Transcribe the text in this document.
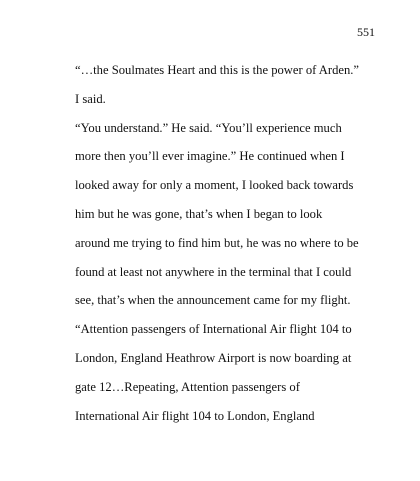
551
“…the Soulmates Heart and this is the power of Arden.”
I said.
“You understand.” He said. “You’ll experience much
more then you’ll ever imagine.” He continued when I
looked away for only a moment, I looked back towards
him but he was gone, that’s when I began to look
around me trying to find him but, he was no where to be
found at least not anywhere in the terminal that I could
see, that’s when the announcement came for my flight.
“Attention passengers of International Air flight 104 to
London, England Heathrow Airport is now boarding at
gate 12…Repeating, Attention passengers of
International Air flight 104 to London, England
